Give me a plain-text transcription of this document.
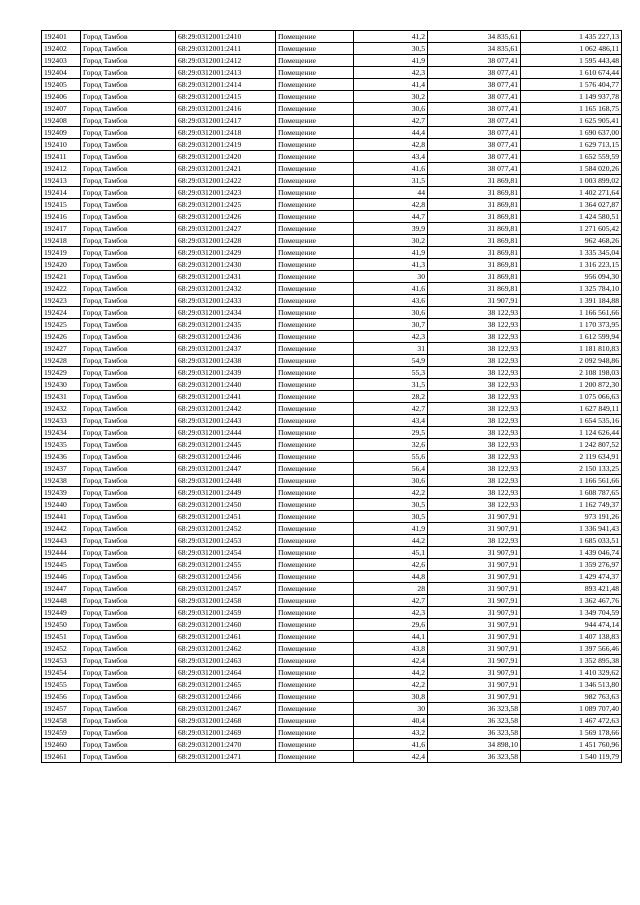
192401	Город Тамбов	68:29:0312001:2410	Помещение	41,2	34 835,61	1 435 227,13
192402	Город Тамбов	68:29:0312001:2411	Помещение	30,5	34 835,61	1 062 486,11
192403	Город Тамбов	68:29:0312001:2412	Помещение	41,9	38 077,41	1 595 443,48
192404	Город Тамбов	68:29:0312001:2413	Помещение	42,3	38 077,41	1 610 674,44
192405	Город Тамбов	68:29:0312001:2414	Помещение	41,4	38 077,41	1 576 404,77
192406	Город Тамбов	68:29:0312001:2415	Помещение	30,2	38 077,41	1 149 937,78
192407	Город Тамбов	68:29:0312001:2416	Помещение	30,6	38 077,41	1 165 168,75
192408	Город Тамбов	68:29:0312001:2417	Помещение	42,7	38 077,41	1 625 905,41
192409	Город Тамбов	68:29:0312001:2418	Помещение	44,4	38 077,41	1 690 637,00
192410	Город Тамбов	68:29:0312001:2419	Помещение	42,8	38 077,41	1 629 713,15
192411	Город Тамбов	68:29:0312001:2420	Помещение	43,4	38 077,41	1 652 559,59
192412	Город Тамбов	68:29:0312001:2421	Помещение	41,6	38 077,41	1 584 020,26
192413	Город Тамбов	68:29:0312001:2422	Помещение	31,5	31 869,81	1 003 899,02
192414	Город Тамбов	68:29:0312001:2423	Помещение	44	31 869,81	1 402 271,64
192415	Город Тамбов	68:29:0312001:2425	Помещение	42,8	31 869,81	1 364 027,87
192416	Город Тамбов	68:29:0312001:2426	Помещение	44,7	31 869,81	1 424 580,51
192417	Город Тамбов	68:29:0312001:2427	Помещение	39,9	31 869,81	1 271 605,42
192418	Город Тамбов	68:29:0312001:2428	Помещение	30,2	31 869,81	962 468,26
192419	Город Тамбов	68:29:0312001:2429	Помещение	41,9	31 869,81	1 335 345,04
192420	Город Тамбов	68:29:0312001:2430	Помещение	41,3	31 869,81	1 316 223,15
192421	Город Тамбов	68:29:0312001:2431	Помещение	30	31 869,81	956 094,30
192422	Город Тамбов	68:29:0312001:2432	Помещение	41,6	31 869,81	1 325 784,10
192423	Город Тамбов	68:29:0312001:2433	Помещение	43,6	31 907,91	1 391 184,88
192424	Город Тамбов	68:29:0312001:2434	Помещение	30,6	38 122,93	1 166 561,66
192425	Город Тамбов	68:29:0312001:2435	Помещение	30,7	38 122,93	1 170 373,95
192426	Город Тамбов	68:29:0312001:2436	Помещение	42,3	38 122,93	1 612 599,94
192427	Город Тамбов	68:29:0312001:2437	Помещение	31	38 122,93	1 181 810,83
192428	Город Тамбов	68:29:0312001:2438	Помещение	54,9	38 122,93	2 092 948,86
192429	Город Тамбов	68:29:0312001:2439	Помещение	55,3	38 122,93	2 108 198,03
192430	Город Тамбов	68:29:0312001:2440	Помещение	31,5	38 122,93	1 200 872,30
192431	Город Тамбов	68:29:0312001:2441	Помещение	28,2	38 122,93	1 075 066,63
192432	Город Тамбов	68:29:0312001:2442	Помещение	42,7	38 122,93	1 627 849,11
192433	Город Тамбов	68:29:0312001:2443	Помещение	43,4	38 122,93	1 654 535,16
192434	Город Тамбов	68:29:0312001:2444	Помещение	29,5	38 122,93	1 124 626,44
192435	Город Тамбов	68:29:0312001:2445	Помещение	32,6	38 122,93	1 242 807,52
192436	Город Тамбов	68:29:0312001:2446	Помещение	55,6	38 122,93	2 119 634,91
192437	Город Тамбов	68:29:0312001:2447	Помещение	56,4	38 122,93	2 150 133,25
192438	Город Тамбов	68:29:0312001:2448	Помещение	30,6	38 122,93	1 166 561,66
192439	Город Тамбов	68:29:0312001:2449	Помещение	42,2	38 122,93	1 608 787,65
192440	Город Тамбов	68:29:0312001:2450	Помещение	30,5	38 122,93	1 162 749,37
192441	Город Тамбов	68:29:0312001:2451	Помещение	30,5	31 907,91	973 191,26
192442	Город Тамбов	68:29:0312001:2452	Помещение	41,9	31 907,91	1 336 941,43
192443	Город Тамбов	68:29:0312001:2453	Помещение	44,2	38 122,93	1 685 033,51
192444	Город Тамбов	68:29:0312001:2454	Помещение	45,1	31 907,91	1 439 046,74
192445	Город Тамбов	68:29:0312001:2455	Помещение	42,6	31 907,91	1 359 276,97
192446	Город Тамбов	68:29:0312001:2456	Помещение	44,8	31 907,91	1 429 474,37
192447	Город Тамбов	68:29:0312001:2457	Помещение	28	31 907,91	893 421,48
192448	Город Тамбов	68:29:0312001:2458	Помещение	42,7	31 907,91	1 362 467,76
192449	Город Тамбов	68:29:0312001:2459	Помещение	42,3	31 907,91	1 349 704,59
192450	Город Тамбов	68:29:0312001:2460	Помещение	29,6	31 907,91	944 474,14
192451	Город Тамбов	68:29:0312001:2461	Помещение	44,1	31 907,91	1 407 138,83
192452	Город Тамбов	68:29:0312001:2462	Помещение	43,8	31 907,91	1 397 566,46
192453	Город Тамбов	68:29:0312001:2463	Помещение	42,4	31 907,91	1 352 895,38
192454	Город Тамбов	68:29:0312001:2464	Помещение	44,2	31 907,91	1 410 329,62
192455	Город Тамбов	68:29:0312001:2465	Помещение	42,2	31 907,91	1 346 513,80
192456	Город Тамбов	68:29:0312001:2466	Помещение	30,8	31 907,91	982 763,63
192457	Город Тамбов	68:29:0312001:2467	Помещение	30	36 323,58	1 089 707,40
192458	Город Тамбов	68:29:0312001:2468	Помещение	40,4	36 323,58	1 467 472,63
192459	Город Тамбов	68:29:0312001:2469	Помещение	43,2	36 323,58	1 569 178,66
192460	Город Тамбов	68:29:0312001:2470	Помещение	41,6	34 898,10	1 451 760,96
192461	Город Тамбов	68:29:0312001:2471	Помещение	42,4	36 323,58	1 540 119,79
